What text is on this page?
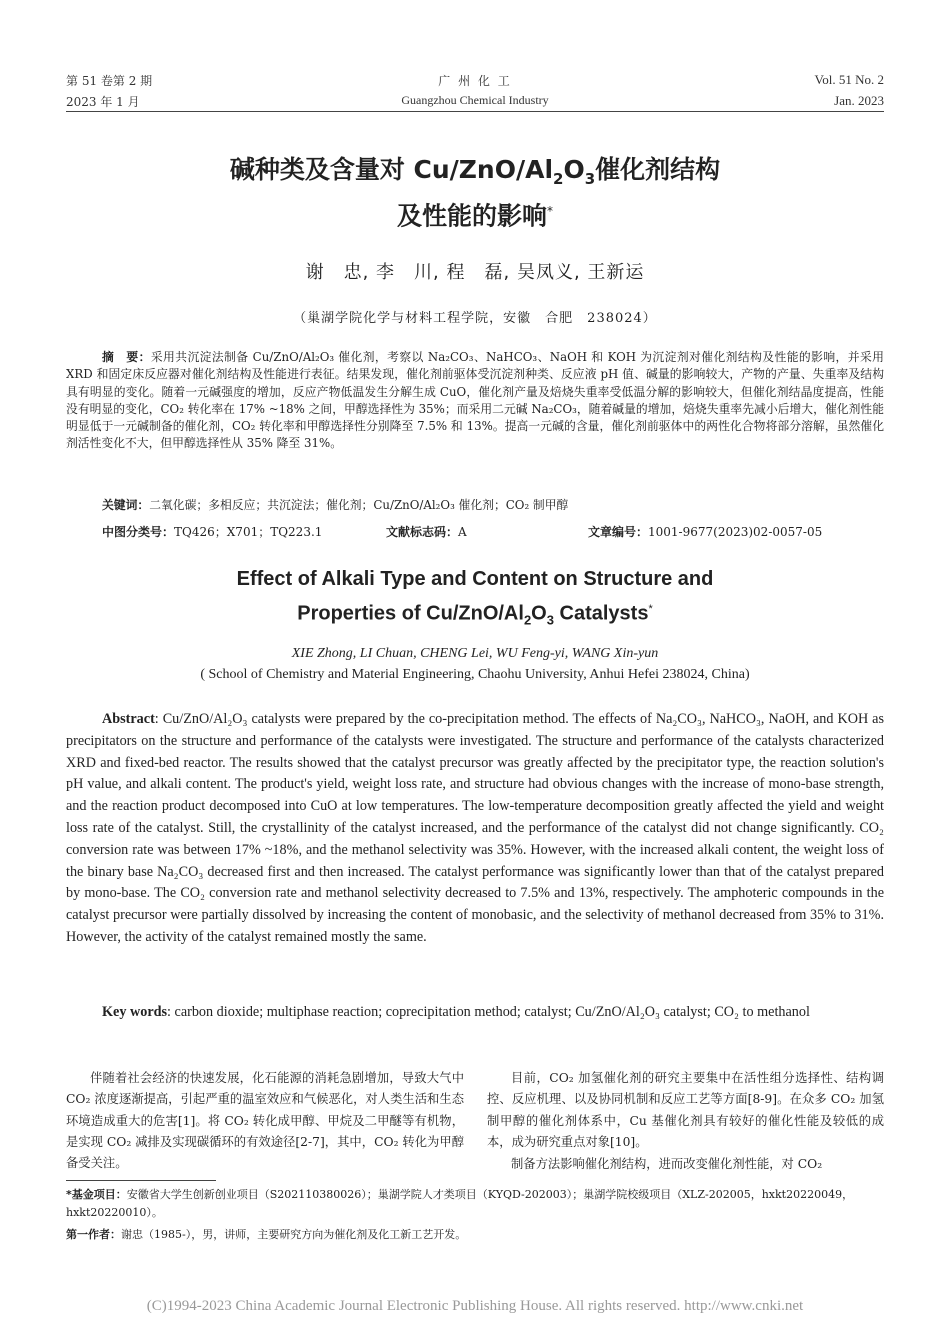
第 51 卷第 2 期
2023 年 1 月
广 州 化 工
Guangzhou Chemical Industry
Vol. 51 No. 2
Jan. 2023
碱种类及含量对 $Cu/ZnO/Al_2O_3$催化剂结构
及性能的影响*
谢　忠, 李　川, 程　磊, 吴凤义, 王新运
（巢湖学院化学与材料工程学院，安徽　合肥　238024）
摘　要：采用共沉淀法制备 Cu/ZnO/Al₂O₃ 催化剂，考察以 Na₂CO₃、NaHCO₃、NaOH 和 KOH 为沉淀剂对催化剂结构及性能的影响，并采用 XRD 和固定床反应器对催化剂结构及性能进行表征。结果发现，催化剂前驱体受沉淀剂种类、反应液 pH 值、碱量的影响较大，产物的产量、失重率及结构具有明显的变化。随着一元碱强度的增加，反应产物低温发生分解生成 CuO，催化剂产量及焙烧失重率受低温分解的影响较大，但催化剂结晶度提高，性能没有明显的变化，CO₂ 转化率在 17% ~18% 之间，甲醇选择性为 35%；而采用二元碱 Na₂CO₃，随着碱量的增加，焙烧失重率先减小后增大，催化剂性能明显低于一元碱制备的催化剂，CO₂ 转化率和甲醇选择性分别降至 7.5% 和 13%。提高一元碱的含量，催化剂前驱体中的两性化合物将部分溶解，虽然催化剂活性变化不大，但甲醇选择性从 35% 降至 31%。
关键词：二氧化碳；多相反应；共沉淀法；催化剂；Cu/ZnO/Al₂O₃ 催化剂；CO₂ 制甲醇
中图分类号：TQ426；X701；TQ223.1	文献标志码：A	文章编号：1001-9677(2023)02-0057-05
Effect of Alkali Type and Content on Structure and
Properties of $Cu/ZnO/Al_2O_3$ Catalysts*
XIE Zhong, LI Chuan, CHENG Lei, WU Feng-yi, WANG Xin-yun
( School of Chemistry and Material Engineering, Chaohu University, Anhui Hefei 238024, China)
Abstract: Cu/ZnO/Al₂O₃ catalysts were prepared by the co-precipitation method. The effects of Na₂CO₃, NaHCO₃, NaOH, and KOH as precipitators on the structure and performance of the catalysts were investigated. The structure and performance of the catalysts characterized XRD and fixed-bed reactor. The results showed that the catalyst precursor was greatly affected by the precipitator type, the reaction solution's pH value, and alkali content. The product's yield, weight loss rate, and structure had obvious changes with the increase of mono-base strength, and the reaction product decomposed into CuO at low temperatures. The low-temperature decomposition greatly affected the yield and weight loss rate of the catalyst. Still, the crystallinity of the catalyst increased, and the performance of the catalyst did not change significantly. CO₂ conversion rate was between 17% ~18%, and the methanol selectivity was 35%. However, with the increased alkali content, the weight loss of the binary base Na₂CO₃ decreased first and then increased. The catalyst performance was significantly lower than that of the catalyst prepared by mono-base. The CO₂ conversion rate and methanol selectivity decreased to 7.5% and 13%, respectively. The amphoteric compounds in the catalyst precursor were partially dissolved by increasing the content of monobasic, and the selectivity of methanol decreased from 35% to 31%. However, the activity of the catalyst remained mostly the same.
Key words: carbon dioxide; multiphase reaction; coprecipitation method; catalyst; Cu/ZnO/Al₂O₃ catalyst; CO₂ to methanol
伴随着社会经济的快速发展，化石能源的消耗急剧增加，导致大气中 CO₂ 浓度逐渐提高，引起严重的温室效应和气候恶化，对人类生活和生态环境造成重大的危害[1]。将 CO₂ 转化成甲醇、甲烷及二甲醚等有机物，是实现 CO₂ 减排及实现碳循环的有效途径[2-7]，其中，CO₂ 转化为甲醇备受关注。
目前，CO₂ 加氢催化剂的研究主要集中在活性组分选择性、结构调控、反应机理、以及协同机制和反应工艺等方面[8-9]。在众多 CO₂ 加氢制甲醇的催化剂体系中，Cu 基催化剂具有较好的催化性能及较低的成本，成为研究重点对象[10]。
制备方法影响催化剂结构，进而改变催化剂性能，对 CO₂
*基金项目：安徽省大学生创新创业项目（S202110380026）；巢湖学院人才类项目（KYQD-202003）；巢湖学院校级项目（XLZ-202005，hxkt20220049，hxkt20220010）。
第一作者：谢忠（1985-），男，讲师，主要研究方向为催化剂及化工新工艺开发。
(C)1994-2023 China Academic Journal Electronic Publishing House. All rights reserved. http://www.cnki.net
